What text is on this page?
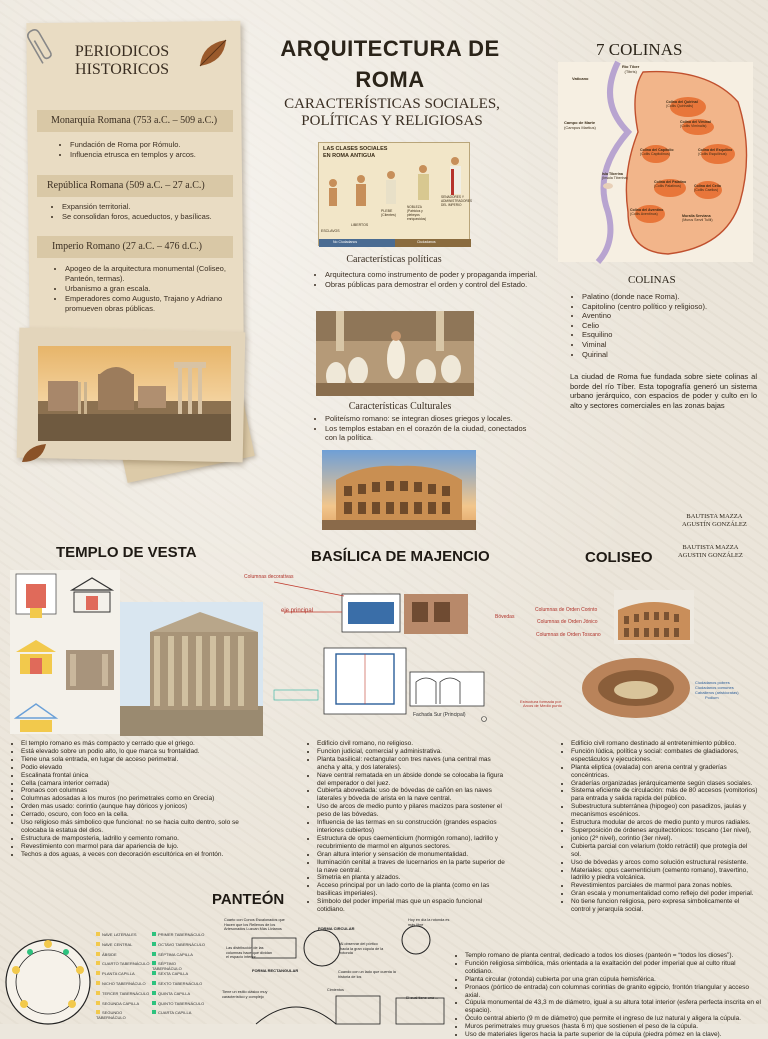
PERIODICOS HISTORICOS
Monarquía Romana (753 a.C. – 509 a.C.)
• Fundación de Roma por Rómulo.
• Influencia etrusca en templos y arcos.
República Romana (509 a.C. – 27 a.C.)
• Expansión territorial.
• Se consolidan foros, acueductos, y basílicas.
Imperio Romano (27 a.C. – 476 d.C.)
• Apogeo de la arquitectura monumental (Coliseo, Panteón, termas).
• Urbanismo a gran escala.
• Emperadores como Augusto, Trajano y Adriano promueven obras públicas.
ARQUITECTURA DE
ROMA
CARACTERÍSTICAS SOCIALES,
POLÍTICAS Y RELIGIOSAS
LAS CLASES SOCIALES
EN ROMA ANTIGUA
ESCLAVOS
LIBERTOS
PLEBE (Clientes)
NOBLEZA (Patricios y plebeyos enriquecidos)
SENADORES Y ADMINISTRADORES DEL IMPERIO
No Ciudadanos	Ciudadanos
Características políticas
• Arquitectura como instrumento de poder y propaganda imperial.
• Obras públicas para demostrar el orden y control del Estado.
Características Culturales
• Politeísmo romano: se integran dioses griegos y locales.
• Los templos estaban en el corazón de la ciudad, conectados con la política.
7 COLINAS
Río Tíber
(Tibris)
Vaticano
Campo de Marte
(Campus Martius)
Colina del Quirinal
(Collis Quirinalis)
Colina del Viminal
(Collis Viminalis)
Colina del Capitolio
(Collis Capitolinus)
Colina del Esquilino
(Collis Esquilinus)
Isla Tiberina
(Insula Tiberina)
Colina del Palatino
(Collis Palatinus)	Colina del Celio
(Collis Caelius)
Colina del Aventino
(Collis Aventinus)	Muralla Serviana
(Murus Servii Tullii)
COLINAS
• Palatino (donde nace Roma).
• Capitolino (centro político y religioso).
• Aventino
• Celio
• Esquilino
• Viminal
• Quirinal
La ciudad de Roma fue fundada sobre siete colinas al borde del río Tíber. Esta topografía generó un sistema urbano jerárquico, con espacios de poder y culto en lo alto y sectores comerciales en las zonas bajas
BAUTISTA MAZZA
AGUSTÍN GONZÁLEZ
TEMPLO DE VESTA	BASÍLICA DE MAJENCIO	COLISEO
BAUTISTA MAZZA
AGUSTIN GONZÁLEZ
• El templo romano es más compacto y cerrado que el griego.
• Está elevado sobre un podio alto, lo que marca su frontalidad.
• Tiene una sola entrada, en lugar de acceso perimetral.
• Podio elevado
• Escalinata frontal única
• Cella (camara interior cerrada)
• Pronaos con columnas
• Columnas adosadas a los muros (no perimetrales como en Grecia)
• Orden mas usado: corintio (aunque hay dóricos y jonicos)
• Cerrado, oscuro, con foco en la cella.
• Uso religioso más simbolico que funcional: no se hacia culto dentro, solo se colocaba la estatua del dios.
• Estructura de mamposteria, ladrillo y cemento romano.
• Revestimiento con marmol para dar apariencia de lujo.
• Techos a dos aguas, a veces con decoración escultórica en el frontón.
Columnas decorativas
eje principal
Bóvedas
Fachada Sur (Principal)
• Edificio civil romano, no religioso.
• Funcion judicial, comercial y administrativa.
• Planta basilical: rectangular con tres naves (una central mas ancha y alta, y dos laterales).
• Nave central rematada en un ábside donde se colocaba la figura del emperador o del juez.
• Cubierta abovedada: uso de bóvedas de cañón en las naves laterales y bóveda de arista en la nave central.
• Uso de arcos de medio punto y pilares macizos para sostener el peso de las bóvedas.
• Influencia de las termas en su construcción (grandes espacios interiores cubiertos)
• Estructura de opus caementicium (hormigón romano), ladrillo y recubrimiento de marmol en algunos sectores.
• Gran altura interior y sensación de monumentalidad.
• Iluminación cenital a traves de lucernarios en la parte superior de la nave central.
• Simetria en planta y alzados.
• Acceso principal por un lado corto de la planta (como en las basilicas imperiales).
• Símbolo del poder imperial mas que un espacio funcional cotidiano.
Columnas de Orden Corinto
Columnas de Orden Jónico
Columnas de Orden Toscano
Ciudadanos pobres
Ciudadanos comunes
Caballeros (aristócratas)
Podium
Estructura formada por
Arcos de Medio punto
• Edificio civil romano destinado al entretenimiento público.
• Función lúdica, política y social: combates de gladiadores, espectáculos y ejecuciones.
• Planta eliptica (ovalada) con arena central y graderías concéntricas.
• Graderías organizadas jerárquicamente según clases sociales.
• Sistema eficiente de circulación: más de 80 accesos (vomitorios) para entrada y salida rapida del público.
• Subestructura subterránea (hipogeo) con pasadizos, jaulas y mecanismos escénicos.
• Estructura modular de arcos de medio punto y muros radiales.
• Superposición de órdenes arquitectónicos: toscano (1er nivel), jonico (2º nivel), corintio (3er nivel).
• Cubierta parcial con velarium (toldo retráctil) que protegía del sol.
• Uso de bóvedas y arcos como solución estructural resistente.
• Materiales: opus caementicium (cemento romano), travertino, ladrillo y piedra volcánica.
• Revestimientos parciales de marmol para zonas nobles.
• Gran escala y monumentalidad como reflejo del poder imperial.
• No tiene funcion religiosa, pero expresa simbolicamente el control y jerarquía social.
PANTEÓN
NAVE LATERALES
NAVE CENTRAL
ÁBSIDE
CUARTO TABERNÁCULO
PLANTA CAPILLA
NICHO TABERNÁCULO
TERCER TABERNÁCULO
SEGUNDA CAPILLA
SEGUNDO TABERNÁCULO
PRIMER TABERNÁCULO
OCTAVO TABERNÁCULO
SÉPTIMA CAPILLA
SÉPTIMO TABERNÁCULO
SEXTA CAPILLA
SEXTO TABERNÁCULO
QUINTA CAPILLA
QUINTO TABERNÁCULO
CUARTA CAPILLA
Cuarto con Conos Escalonados que Hacen que los Rellenos de los Artesonados Luzcan Más Livianos
Las distribución de las columnas hace que dividan el espacio interior
FORMA CIRCULAR
Al observar del pórtico hacia la gran cúpula de la rotonda
FORMA RECTANGULAR
Hoy en día la rotonda es más libre
Cuando con un lado que cuenta la historia de los
Cimientos
Tiene un estilo clásico muy característico y complejo	El cual tiene una ...
• Templo romano de planta central, dedicado a todos los dioses (panteón = “todos los dioses”).
• Función religiosa simbólica, más orientada a la exaltación del poder imperial que al culto ritual cotidiano.
• Planta circular (rotonda) cubierta por una gran cúpula hemisférica.
• Pronaos (pórtico de entrada) con columnas corintias de granito egipcio, frontón triangular y acceso axial.
• Cúpula monumental de 43,3 m de diámetro, igual a su altura total interior (esfera perfecta inscrita en el espacio).
• Óculo central abierto (9 m de diámetro) que permite el ingreso de luz natural y aligera la cúpula.
• Muros perimetrales muy gruesos (hasta 6 m) que sostienen el peso de la cúpula.
• Uso de materiales ligeros hacia la parte superior de la cúpula (piedra pómez en la clave).
